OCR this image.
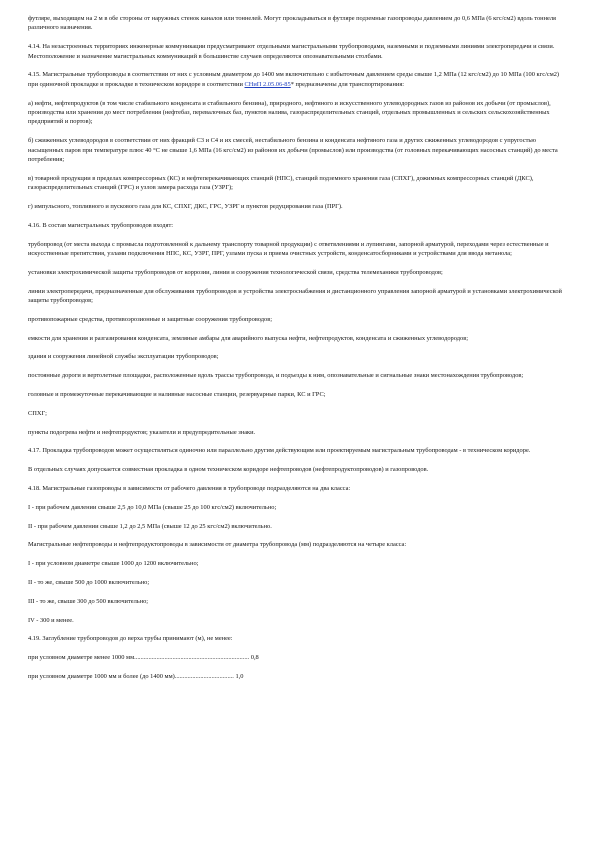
футляре, выходящем на 2 м в обе стороны от наружных стенок каналов или тоннелей. Могут прокладываться в футляре подземные газопроводы давлением до 0,6 МПа (6 кгс/см2) вдоль тоннеля различного назначения.

4.14. На незастроенных территориях инженерные коммуникации предусматривают отдельными магистральными трубопроводами, наземными и подземными линиями электропередачи и связи. Местоположение и назначение магистральных коммуникаций в большинстве случаев определяются опознавательными столбами.

4.15. Магистральные трубопроводы в соответствии от них с условным диаметром до 1400 мм включительно с избыточным давлением среды свыше 1,2 МПа (12 кгс/см2) до 10 МПа (100 кгс/см2) при одиночной прокладке и прокладке в техническом коридоре в соответствии СНиП 2.05.06-85* предназначены для транспортирования:

а) нефти, нефтепродуктов (в том числе стабильного конденсата и стабильного бензина), природного, нефтяного и искусственного углеводородных газов из районов их добычи (от промыслов), производства или хранения до мест потребления (нефтебаз, перевалочных баз, пунктов налива, газораспределительных станций, отдельных промышленных и сельских сельскохозяйственных предприятий и портов);

б) сжиженных углеводородов в соответствии от них фракций С3 и С4 и их смесей, нестабильного бензина и конденсата нефтяного газа и других сжиженных углеводородов с упругостью насыщенных паров при температуре плюс 40 °С не свыше 1,6 МПа (16 кгс/см2) из районов их добычи (промыслов) или производства (от головных перекачивающих насосных станций) до места потребления;

в) товарной продукции в пределах компрессорных (КС) и нефтеперекачивающих станций (НПС), станций подземного хранения газа (СПХГ), дожимных компрессорных станций (ДКС), газораспределительных станций (ГРС) и узлов замера расхода газа (УЗРГ);

г) импульсного, топливного и пускового газа для КС, СПХГ, ДКС, ГРС, УЗРГ и пунктов редуцирования газа (ПРГ).

4.16. В состав магистральных трубопроводов входят:

трубопровод (от места выхода с промысла подготовленной к дальнему транспорту товарной продукции) с ответвлениями и лупингами, запорной арматурой, переходами через естественные и искусственные препятствия, узлами подключения НПС, КС, УЗРГ, ПРГ, узлами пуска и приема очистных устройств, конденсатосборниками и устройствами для ввода метанола;

установки электрохимической защиты трубопроводов от коррозии, линии и сооружения технологической связи, средства телемеханики трубопроводов;

линии электропередачи, предназначенные для обслуживания трубопроводов и устройства электроснабжения и дистанционного управления запорной арматурой и установками электрохимической защиты трубопроводов;

противопожарные средства, противоэрозионные и защитные сооружения трубопроводов;

емкости для хранения и разгазирования конденсата, земляные амбары для аварийного выпуска нефти, нефтепродуктов, конденсата и сжиженных углеводородов;

здания и сооружения линейной службы эксплуатации трубопроводов;

постоянные дороги и вертолетные площадки, расположенные вдоль трассы трубопровода, и подъезды к ним, опознавательные и сигнальные знаки местонахождения трубопроводов;

головные и промежуточные перекачивающие и наливные насосные станции, резервуарные парки, КС и ГРС;

СПХГ;

пункты подогрева нефти и нефтепродуктов; указатели и предупредительные знаки.

4.17. Прокладка трубопроводов может осуществляться одиночно или параллельно другим действующим или проектируемым магистральным трубопроводам - в техническом коридоре.

В отдельных случаях допускается совместная прокладка в одном техническом коридоре нефтепроводов (нефтепродуктопроводов) и газопроводов.

4.18. Магистральные газопроводы в зависимости от рабочего давления в трубопроводе подразделяются на два класса:

I - при рабочем давлении свыше 2,5 до 10,0 МПа (свыше 25 до 100 кгс/см2) включительно;

II - при рабочем давлении свыше 1,2 до 2,5 МПа (свыше 12 до 25 кгс/см2) включительно.

Магистральные нефтепроводы и нефтепродуктопроводы в зависимости от диаметра трубопровода (мм) подразделяются на четыре класса:

I - при условном диаметре свыше 1000 до 1200 включительно;

II - то же, свыше 500 до 1000 включительно;

III - то же, свыше 300 до 500 включительно;

IV - 300 и менее.

4.19. Заглубление трубопроводов до верха трубы принимают (м), не менее:

при условном диаметре менее 1000 мм........................................................................ 0,8

при условном диаметре 1000 мм и более (до 1400 мм)..................................... 1,0
